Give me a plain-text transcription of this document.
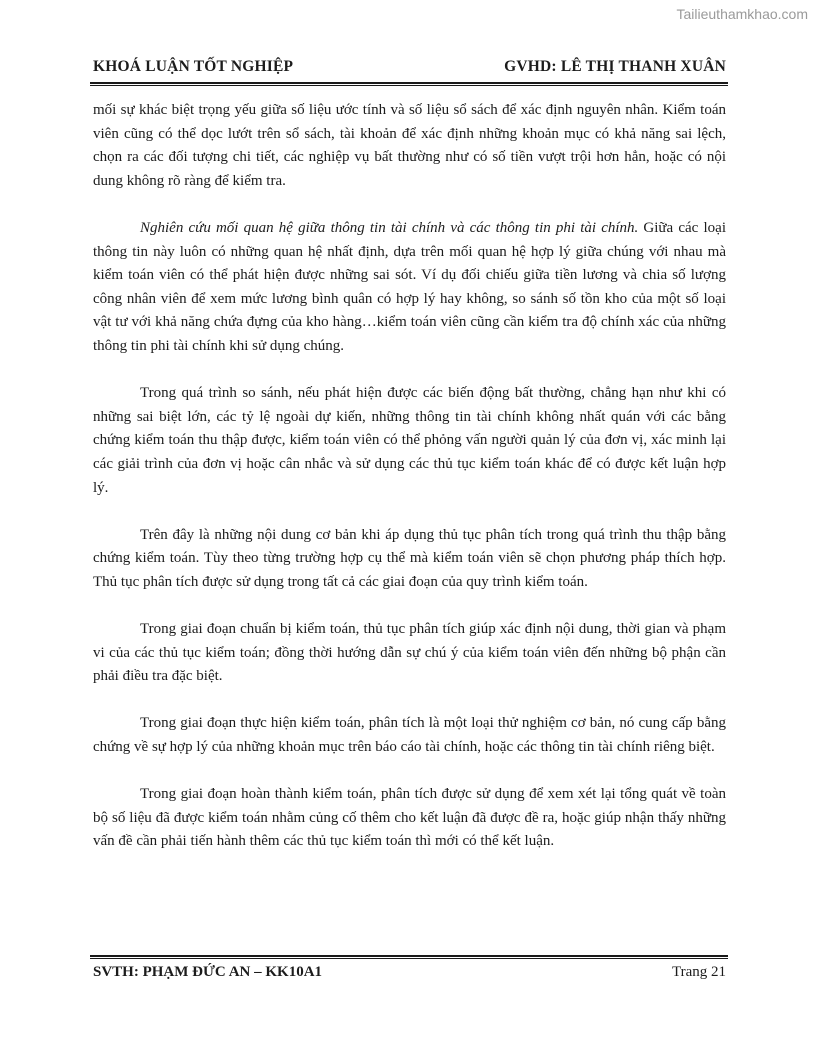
Tailieuthamkhao.com
KHOÁ LUẬN TỐT NGHIỆP	GVHD: LÊ THỊ THANH XUÂN

mối sự khác biệt trọng yếu giữa số liệu ước tính và số liệu sổ sách để xác định nguyên nhân. Kiểm toán viên cũng có thể dọc lướt trên sổ sách, tài khoản để xác định những khoản mục có khả năng sai lệch, chọn ra các đối tượng chi tiết, các nghiệp vụ bất thường như có số tiền vượt trội hơn hẳn, hoặc có nội dung không rõ ràng để kiểm tra.

Nghiên cứu mối quan hệ giữa thông tin tài chính và các thông tin phi tài chính. Giữa các loại thông tin này luôn có những quan hệ nhất định, dựa trên mối quan hệ hợp lý giữa chúng với nhau mà kiểm toán viên có thể phát hiện được những sai sót. Ví dụ đối chiếu giữa tiền lương và chia số lượng công nhân viên để xem mức lương bình quân có hợp lý hay không, so sánh số tồn kho của một số loại vật tư với khả năng chứa đựng của kho hàng…kiểm toán viên cũng cần kiểm tra độ chính xác của những thông tin phi tài chính khi sử dụng chúng.

Trong quá trình so sánh, nếu phát hiện được các biến động bất thường, chẳng hạn như khi có những sai biệt lớn, các tỷ lệ ngoài dự kiến, những thông tin tài chính không nhất quán với các bằng chứng kiểm toán thu thập được, kiểm toán viên có thể phỏng vấn người quản lý của đơn vị, xác minh lại các giải trình của đơn vị hoặc cân nhắc và sử dụng các thủ tục kiểm toán khác để có được kết luận hợp lý.

Trên đây là những nội dung cơ bản khi áp dụng thủ tục phân tích trong quá trình thu thập bằng chứng kiểm toán. Tùy theo từng trường hợp cụ thể mà kiểm toán viên sẽ chọn phương pháp thích hợp. Thủ tục phân tích được sử dụng trong tất cả các giai đoạn của quy trình kiểm toán.

Trong giai đoạn chuẩn bị kiểm toán, thủ tục phân tích giúp xác định nội dung, thời gian và phạm vi của các thủ tục kiểm toán; đồng thời hướng dẫn sự chú ý của kiểm toán viên đến những bộ phận cần phải điều tra đặc biệt.

Trong giai đoạn thực hiện kiểm toán, phân tích là một loại thử nghiệm cơ bản, nó cung cấp bằng chứng về sự hợp lý của những khoản mục trên báo cáo tài chính, hoặc các thông tin tài chính riêng biệt.

Trong giai đoạn hoàn thành kiểm toán, phân tích được sử dụng để xem xét lại tổng quát về toàn bộ số liệu đã được kiểm toán nhằm củng cố thêm cho kết luận đã được đề ra, hoặc giúp nhận thấy những vấn đề cần phải tiến hành thêm các thủ tục kiểm toán thì mới có thể kết luận.

SVTH: PHẠM ĐỨC AN – KK10A1	Trang 21
